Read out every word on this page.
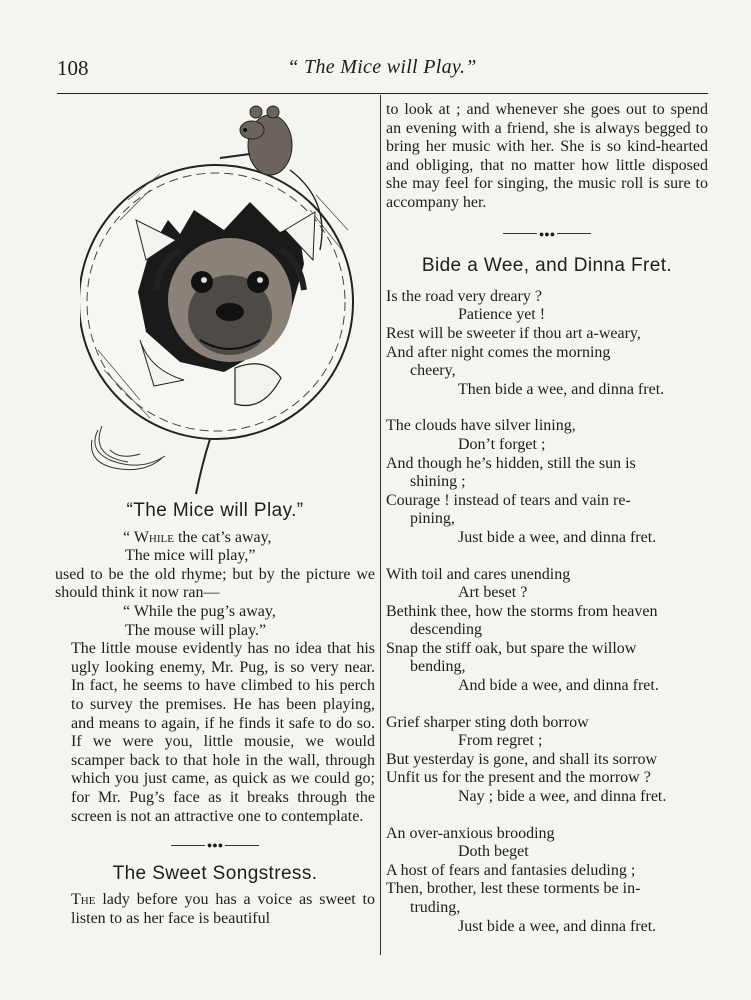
108	“ The Mice will Play.”
“The Mice will Play.”
“ While the cat’s away,
The mice will play,”
used to be the old rhyme; but by the picture we should think it now ran—
“ While the pug’s away,
The mouse will play.”
The little mouse evidently has no idea that his ugly looking enemy, Mr. Pug, is so very near. In fact, he seems to have climbed to his perch to survey the premises. He has been playing, and means to again, if he finds it safe to do so. If we were you, little mousie, we would scamper back to that hole in the wall, through which you just came, as quick as we could go; for Mr. Pug’s face as it breaks through the screen is not an attractive one to contemplate.
●●●
The Sweet Songstress.
The lady before you has a voice as sweet to listen to as her face is beautiful
to look at ; and whenever she goes out to spend an evening with a friend, she is always begged to bring her music with her. She is so kind-hearted and obliging, that no matter how little disposed she may feel for singing, the music roll is sure to accompany her.
●●●
Bide a Wee, and Dinna Fret.
Is the road very dreary ?
Patience yet !
Rest will be sweeter if thou art a-weary,
And after night comes the morning
cheery,
Then bide a wee, and dinna fret.
The clouds have silver lining,
Don’t forget ;
And though he’s hidden, still the sun is
shining ;
Courage ! instead of tears and vain re-
pining,
Just bide a wee, and dinna fret.
With toil and cares unending
Art beset ?
Bethink thee, how the storms from heaven
descending
Snap the stiff oak, but spare the willow
bending,
And bide a wee, and dinna fret.
Grief sharper sting doth borrow
From regret ;
But yesterday is gone, and shall its sorrow
Unfit us for the present and the morrow ?
Nay ; bide a wee, and dinna fret.
An over-anxious brooding
Doth beget
A host of fears and fantasies deluding ;
Then, brother, lest these torments be in-
truding,
Just bide a wee, and dinna fret.
